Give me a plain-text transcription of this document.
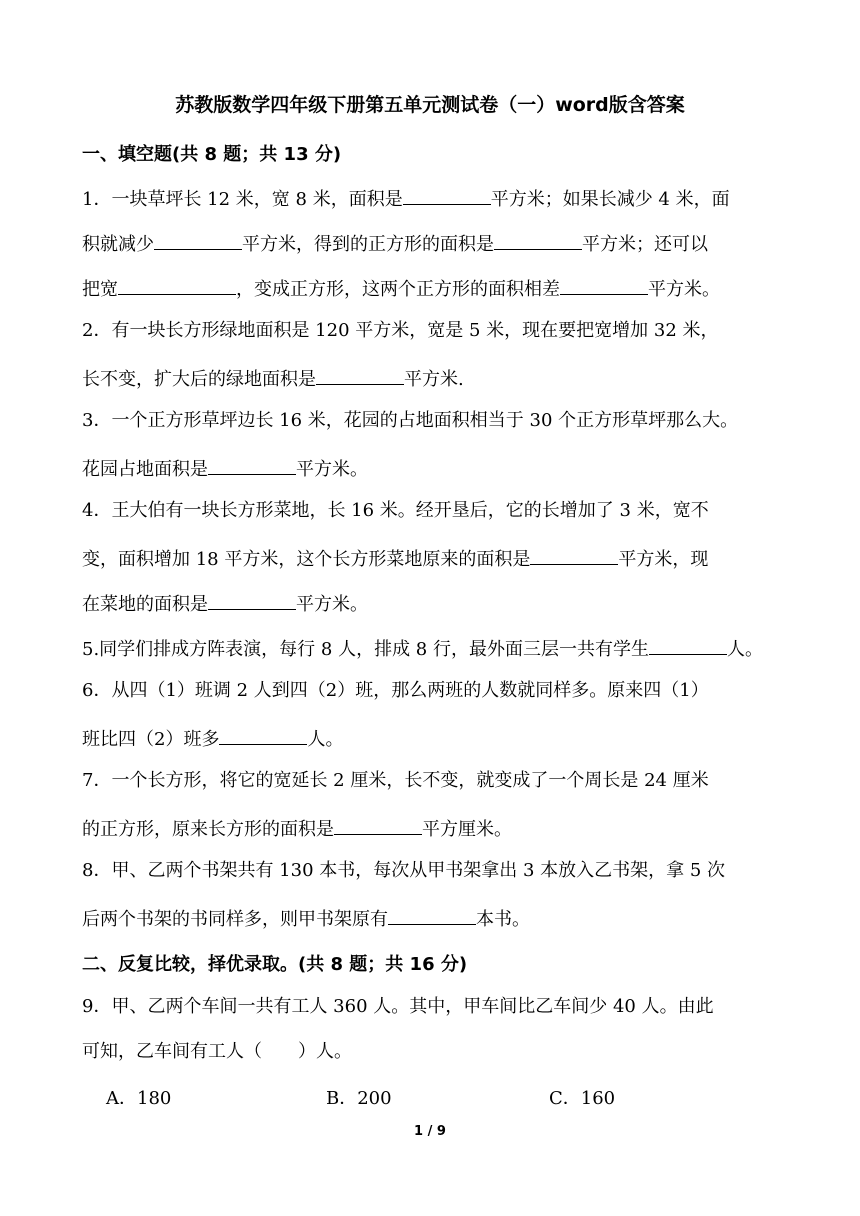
苏教版数学四年级下册第五单元测试卷（一）word版含答案
一、填空题(共 8 题；共 13 分)
1．一块草坪长 12 米，宽 8 米，面积是	平方米；如果长减少 4 米，面
积就减少	平方米，得到的正方形的面积是	平方米；还可以
把宽	，变成正方形，这两个正方形的面积相差	平方米。
2．有一块长方形绿地面积是 120 平方米，宽是 5 米，现在要把宽增加 32 米，
长不变，扩大后的绿地面积是	平方米.
3．一个正方形草坪边长 16 米，花园的占地面积相当于 30 个正方形草坪那么大。
花园占地面积是	平方米。
4．王大伯有一块长方形菜地，长 16 米。经开垦后，它的长增加了 3 米，宽不
变，面积增加 18 平方米，这个长方形菜地原来的面积是	平方米，现
在菜地的面积是	平方米。
5.同学们排成方阵表演，每行 8 人，排成 8 行，最外面三层一共有学生	人。
6．从四（1）班调 2 人到四（2）班，那么两班的人数就同样多。原来四（1）
班比四（2）班多	人。
7．一个长方形，将它的宽延长 2 厘米，长不变，就变成了一个周长是 24 厘米
的正方形，原来长方形的面积是	平方厘米。
8．甲、乙两个书架共有 130 本书，每次从甲书架拿出 3 本放入乙书架，拿 5 次
后两个书架的书同样多，则甲书架原有	本书。
二、反复比较，择优录取。(共 8 题；共 16 分)
9．甲、乙两个车间一共有工人 360 人。其中，甲车间比乙车间少 40 人。由此
可知，乙车间有工人（　　）人。
A．180	B．200	C．160
1 / 9
